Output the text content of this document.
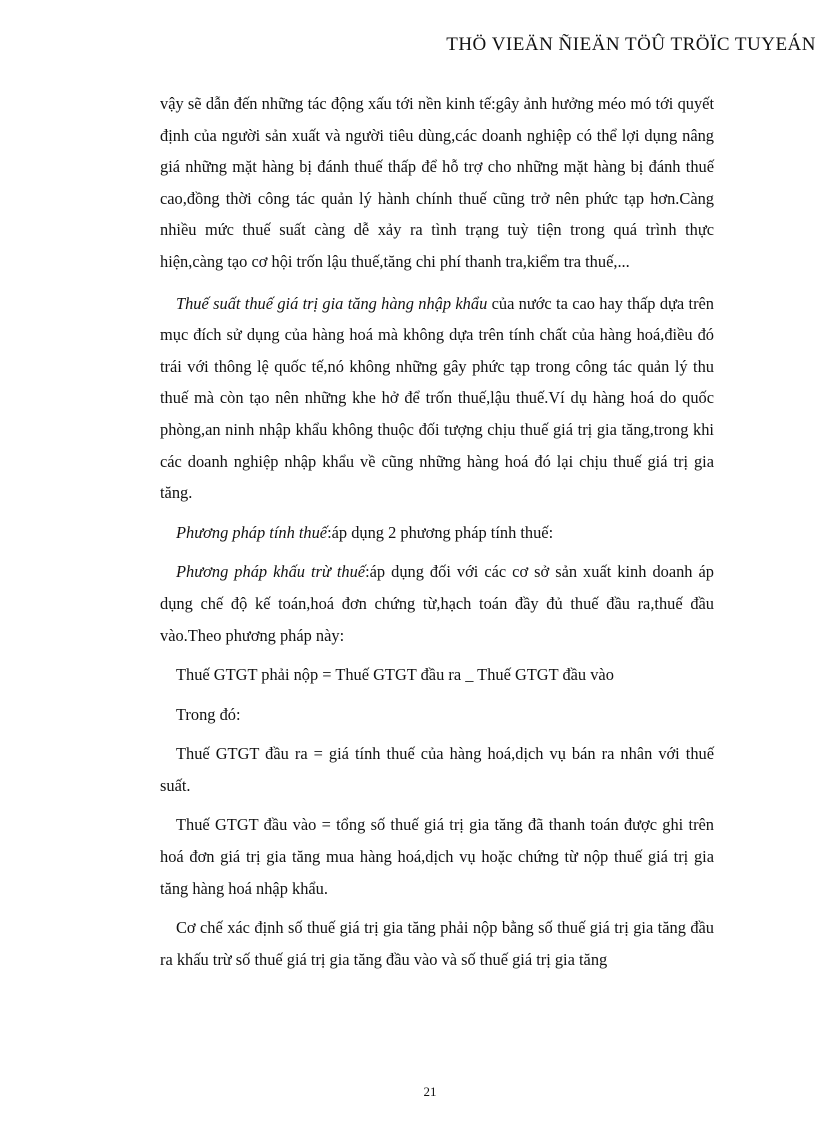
THÖ VIEÄN ÑIEÄN TÖÛ TRÖÏC TUYEÁN

vậy sẽ dẫn đến những tác động xấu tới nền kinh tế:gây ảnh hưởng méo mó tới quyết định của người sản xuất và người tiêu dùng,các doanh nghiệp có thể lợi dụng nâng giá những mặt hàng bị đánh thuế thấp để hỗ trợ cho những mặt hàng bị đánh thuế cao,đồng thời công tác quản lý hành chính thuế cũng trở nên phức tạp hơn.Càng nhiều mức thuế suất càng dễ xảy ra tình trạng tuỳ tiện trong quá trình thực hiện,càng tạo cơ hội trốn lậu thuế,tăng chi phí thanh tra,kiểm tra thuế,...

Thuế suất thuế giá trị gia tăng hàng nhập khẩu của nước ta cao hay thấp dựa trên mục đích sử dụng của hàng hoá mà không dựa trên tính chất của hàng hoá,điều đó trái với thông lệ quốc tế,nó không những gây phức tạp trong công tác quản lý thu thuế mà còn tạo nên những khe hở để trốn thuế,lậu thuế.Ví dụ hàng hoá do quốc phòng,an ninh nhập khẩu không thuộc đối tượng chịu thuế giá trị gia tăng,trong khi các doanh nghiệp nhập khẩu về cũng những hàng hoá đó lại chịu thuế giá trị gia tăng.

Phương pháp tính thuế:áp dụng 2 phương pháp tính thuế:

Phương pháp khấu trừ thuế:áp dụng đối với các cơ sở sản xuất kinh doanh áp dụng chế độ kế toán,hoá đơn chứng từ,hạch toán đầy đủ thuế đầu ra,thuế đầu vào.Theo phương pháp này:

Thuế GTGT phải nộp = Thuế GTGT đầu ra _ Thuế GTGT đầu vào

Trong đó:

Thuế GTGT đầu ra = giá tính thuế của hàng hoá,dịch vụ bán ra nhân với thuế suất.

Thuế GTGT đầu vào = tổng số thuế giá trị gia tăng đã thanh toán được ghi trên hoá đơn giá trị gia tăng mua hàng hoá,dịch vụ hoặc chứng từ nộp thuế giá trị gia tăng hàng hoá nhập khẩu.

Cơ chế xác định số thuế giá trị gia tăng phải nộp bằng số thuế giá trị gia tăng đầu ra khấu trừ số thuế giá trị gia tăng đầu vào và số thuế giá trị gia tăng

21
